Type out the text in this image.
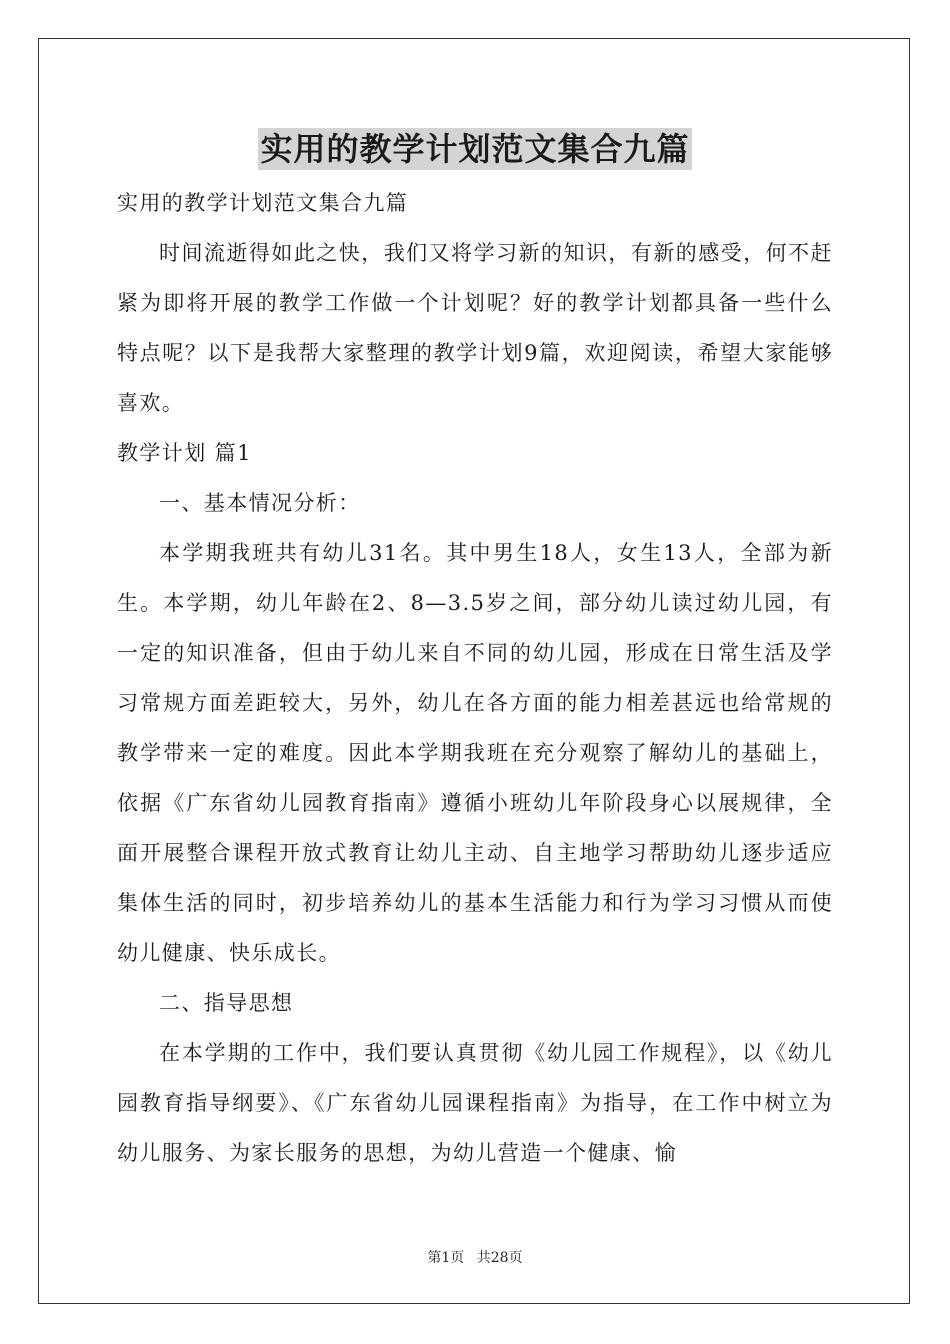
实用的教学计划范文集合九篇

实用的教学计划范文集合九篇

时间流逝得如此之快，我们又将学习新的知识，有新的感受，何不赶紧为即将开展的教学工作做一个计划呢？好的教学计划都具备一些什么特点呢？以下是我帮大家整理的教学计划9篇，欢迎阅读，希望大家能够喜欢。

教学计划 篇1

一、基本情况分析：

本学期我班共有幼儿31名。其中男生18人，女生13人，全部为新生。本学期，幼儿年龄在2、8—3.5岁之间，部分幼儿读过幼儿园，有一定的知识准备，但由于幼儿来自不同的幼儿园，形成在日常生活及学习常规方面差距较大，另外，幼儿在各方面的能力相差甚远也给常规的教学带来一定的难度。因此本学期我班在充分观察了解幼儿的基础上，依据《广东省幼儿园教育指南》遵循小班幼儿年阶段身心以展规律，全面开展整合课程开放式教育让幼儿主动、自主地学习帮助幼儿逐步适应集体生活的同时，初步培养幼儿的基本生活能力和行为学习习惯从而使幼儿健康、快乐成长。

二、指导思想

在本学期的工作中，我们要认真贯彻《幼儿园工作规程》，以《幼儿园教育指导纲要》、《广东省幼儿园课程指南》为指导，在工作中树立为幼儿服务、为家长服务的思想，为幼儿营造一个健康、愉

第1页 共28页
